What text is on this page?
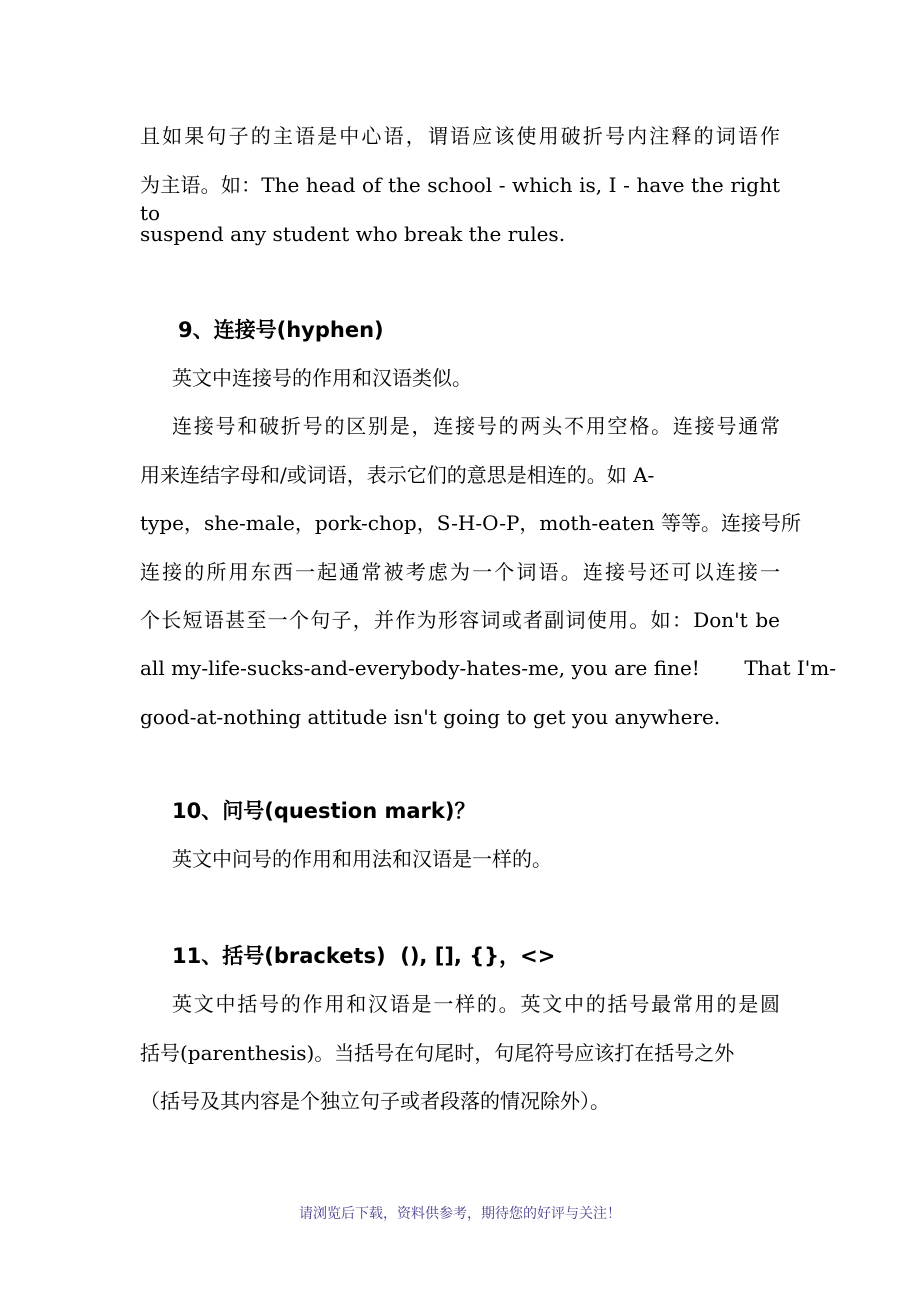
且如果句子的主语是中心语，谓语应该使用破折号内注释的词语作
为主语。如：The head of the school - which is, I - have the right to
suspend any student who break the rules.
9、连接号(hyphen)
英文中连接号的作用和汉语类似。
连接号和破折号的区别是，连接号的两头不用空格。连接号通常
用来连结字母和/或词语，表示它们的意思是相连的。如 A-
type，she-male，pork-chop，S-H-O-P，moth-eaten 等等。连接号所
连接的所用东西一起通常被考虑为一个词语。连接号还可以连接一
个长短语甚至一个句子，并作为形容词或者副词使用。如：Don't be
all my-life-sucks-and-everybody-hates-me, you are fine!       That I'm-
good-at-nothing attitude isn't going to get you anywhere.
10、问号(question mark)？
英文中问号的作用和用法和汉语是一样的。
11、括号(brackets)  (), [], {}，<>
英文中括号的作用和汉语是一样的。英文中的括号最常用的是圆
括号(parenthesis)。当括号在句尾时，句尾符号应该打在括号之外
（括号及其内容是个独立句子或者段落的情况除外）。
请浏览后下载，资料供参考，期待您的好评与关注！
